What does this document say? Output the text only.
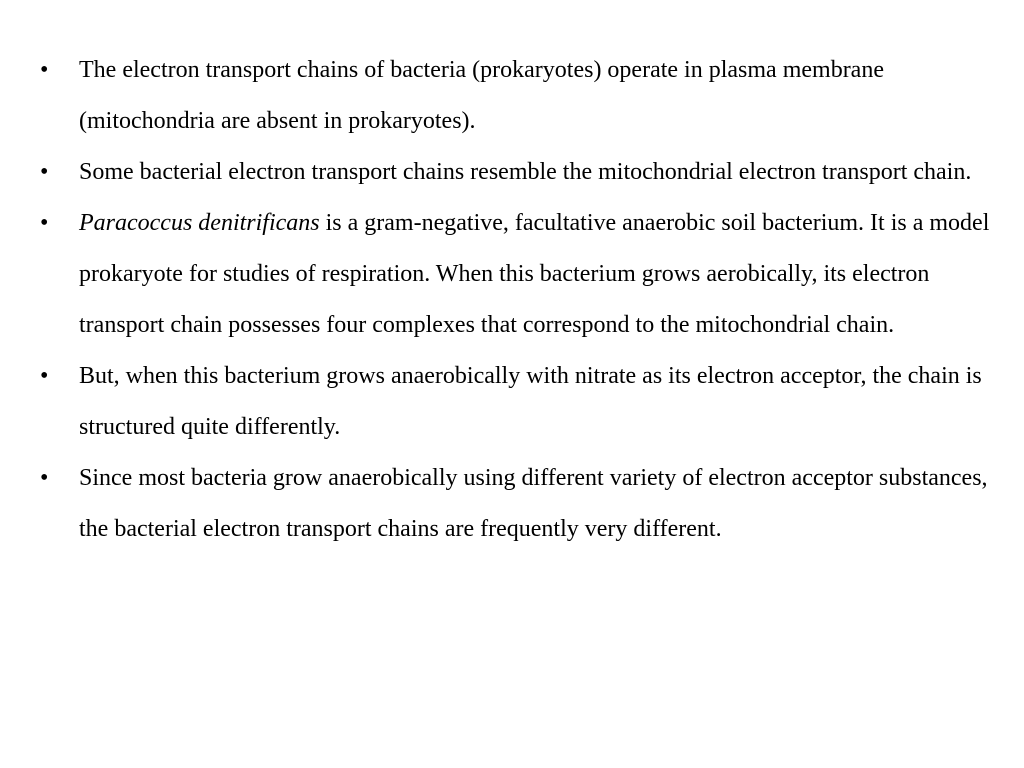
• The electron transport chains of bacteria (prokaryotes) operate in plasma membrane (mitochondria are absent in prokaryotes).
• Some bacterial electron transport chains resemble the mitochondrial electron transport chain.
• Paracoccus denitrificans is a gram-negative, facultative anaerobic soil bacterium. It is a model prokaryote for studies of respiration. When this bacterium grows aerobically, its electron transport chain possesses four complexes that correspond to the mitochondrial chain.
• But, when this bacterium grows anaerobically with nitrate as its electron acceptor, the chain is structured quite differently.
• Since most bacteria grow anaerobically using different variety of electron acceptor substances, the bacterial electron transport chains are frequently very different.
